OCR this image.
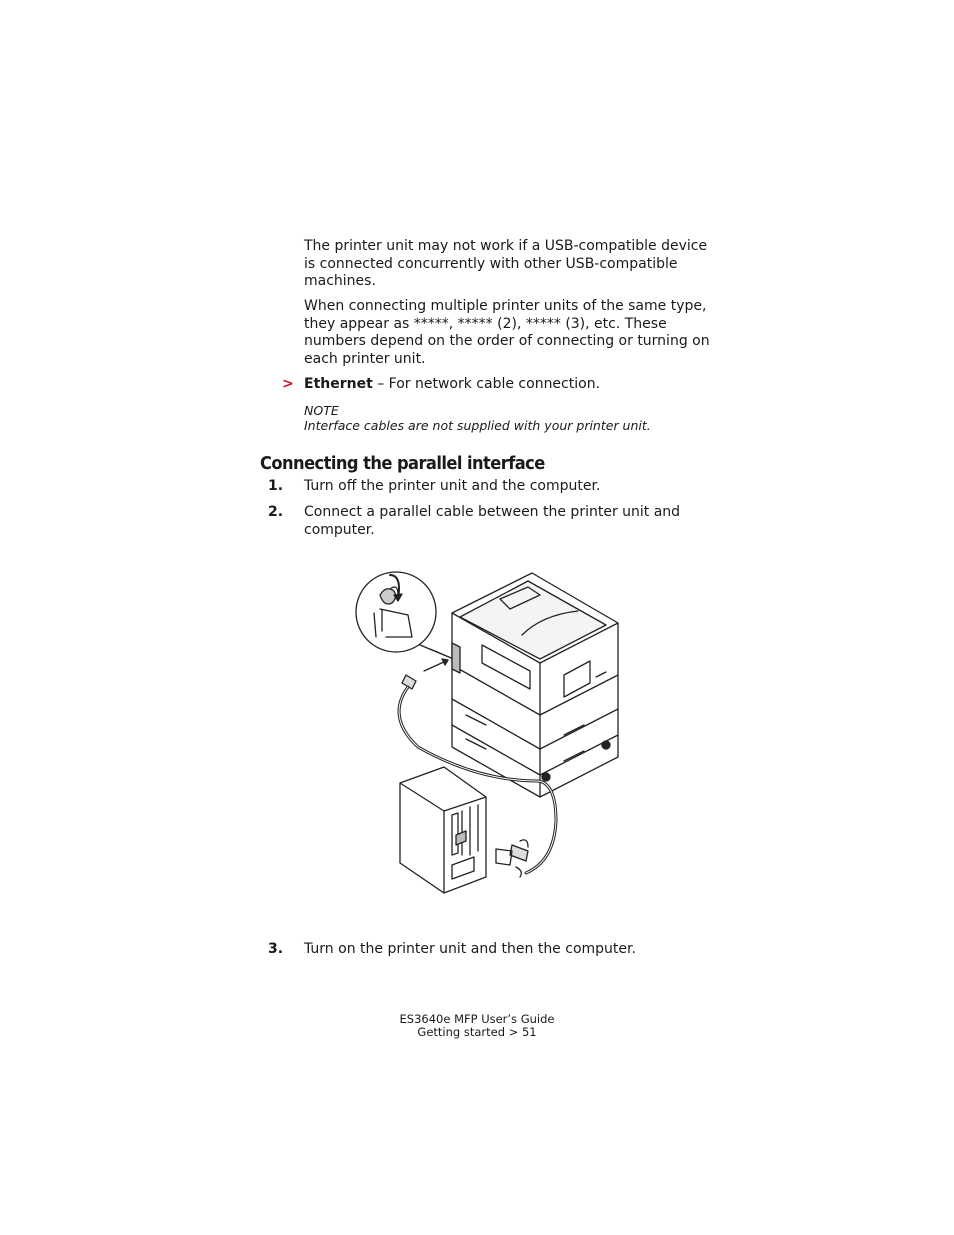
The printer unit may not work if a USB-compatible device is connected concurrently with other USB-compatible machines.

When connecting multiple printer units of the same type, they appear as *****, ***** (2), ***** (3), etc. These numbers depend on the order of connecting or turning on each printer unit.

> Ethernet – For network cable connection.

NOTE

Interface cables are not supplied with your printer unit.

Connecting the parallel interface
1. Turn off the printer unit and the computer.

2. Connect a parallel cable between the printer unit and computer.

3. Turn on the printer unit and then the computer.

ES3640e MFP User’s Guide
Getting started > 51
